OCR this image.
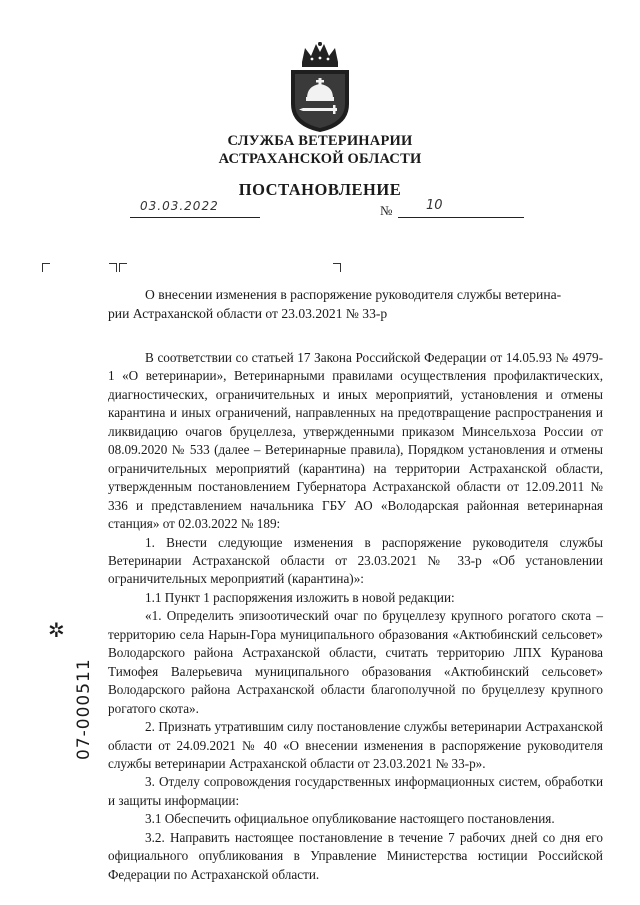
СЛУЖБА ВЕТЕРИНАРИИ
АСТРАХАНСКОЙ ОБЛАСТИ
ПОСТАНОВЛЕНИЕ
03.03.2022	№	10
О внесении изменения в распоряжение руководителя службы ветерина-
рии Астраханской области от 23.03.2021 № 33-р

В соответствии со статьей 17 Закона Российской Федерации от 14.05.93 № 4979-1 «О ветеринарии», Ветеринарными правилами осуществления профилактических, диагностических, ограничительных и иных мероприятий, установления и отмены карантина и иных ограничений, направленных на предотвращение распространения и ликвидацию очагов бруцеллеза, утвержденными приказом Минсельхоза России от 08.09.2020 № 533 (далее – Ветеринарные правила), Порядком установления и отмены ограничительных мероприятий (карантина) на территории Астраханской области, утвержденным постановлением Губернатора Астраханской области от 12.09.2011 № 336 и представлением начальника ГБУ АО «Володарская районная ветеринарная станция» от 02.03.2022 № 189:

1. Внести следующие изменения в распоряжение руководителя службы Ветеринарии Астраханской области от 23.03.2021 № 33-р «Об установлении ограничительных мероприятий (карантина)»:

1.1 Пункт 1 распоряжения изложить в новой редакции:

«1. Определить эпизоотический очаг по бруцеллезу крупного рогатого скота – территорию села Нарын-Гора муниципального образования «Актюбинский сельсовет» Володарского района Астраханской области, считать территорию ЛПХ Куранова Тимофея Валерьевича муниципального образования «Актюбинский сельсовет» Володарского района Астраханской области благополучной по бруцеллезу крупного рогатого скота».

2. Признать утратившим силу постановление службы ветеринарии Астраханской области от 24.09.2021 № 40 «О внесении изменения в распоряжение руководителя службы ветеринарии Астраханской области от 23.03.2021 № 33-р».

3. Отделу сопровождения государственных информационных систем, обработки и защиты информации:

3.1 Обеспечить официальное опубликование настоящего постановления.

3.2. Направить настоящее постановление в течение 7 рабочих дней со дня его официального опубликования в Управление Министерства юстиции Российской Федерации по Астраханской области.

✲
07-000511
